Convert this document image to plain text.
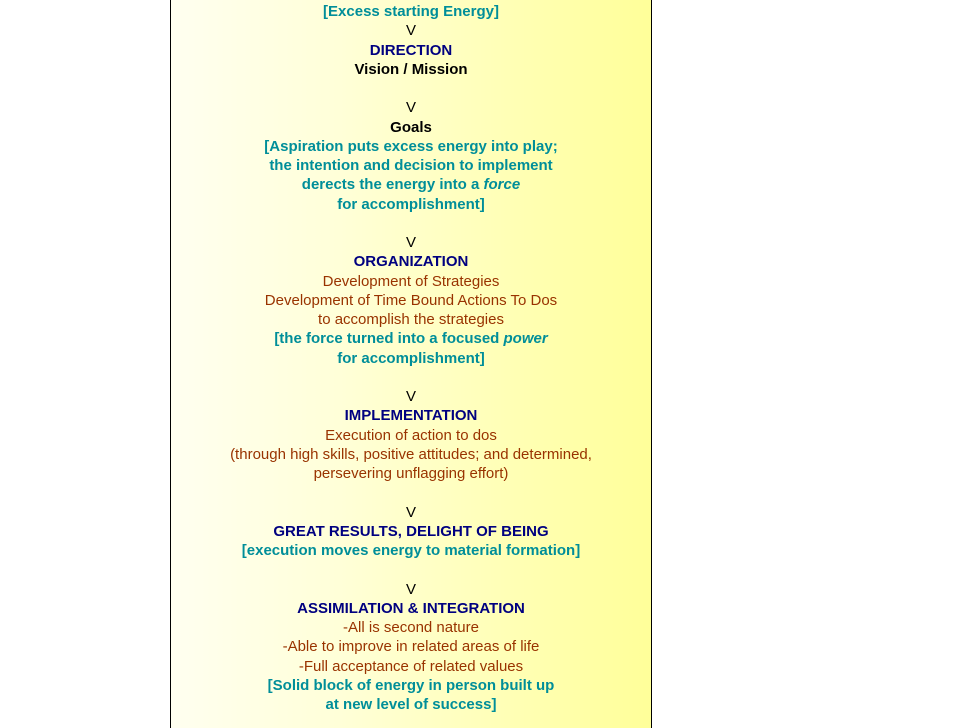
[Excess starting Energy]
V
DIRECTION
Vision / Mission
V
Goals
[Aspiration puts excess energy into play;
the intention and decision to implement
derects the energy into a force
for accomplishment]
V
ORGANIZATION
Development of Strategies
Development of Time Bound Actions To Dos
to accomplish the strategies
[the force turned into a focused power
for accomplishment]
V
IMPLEMENTATION
Execution of action to dos
(through high skills, positive attitudes; and determined,
persevering unflagging effort)
V
GREAT RESULTS, DELIGHT OF BEING
[execution moves energy to material formation]
V
ASSIMILATION & INTEGRATION
-All is second nature
-Able to improve in related areas of life
-Full acceptance of related values
[Solid block of energy in person built up
at new level of success]
